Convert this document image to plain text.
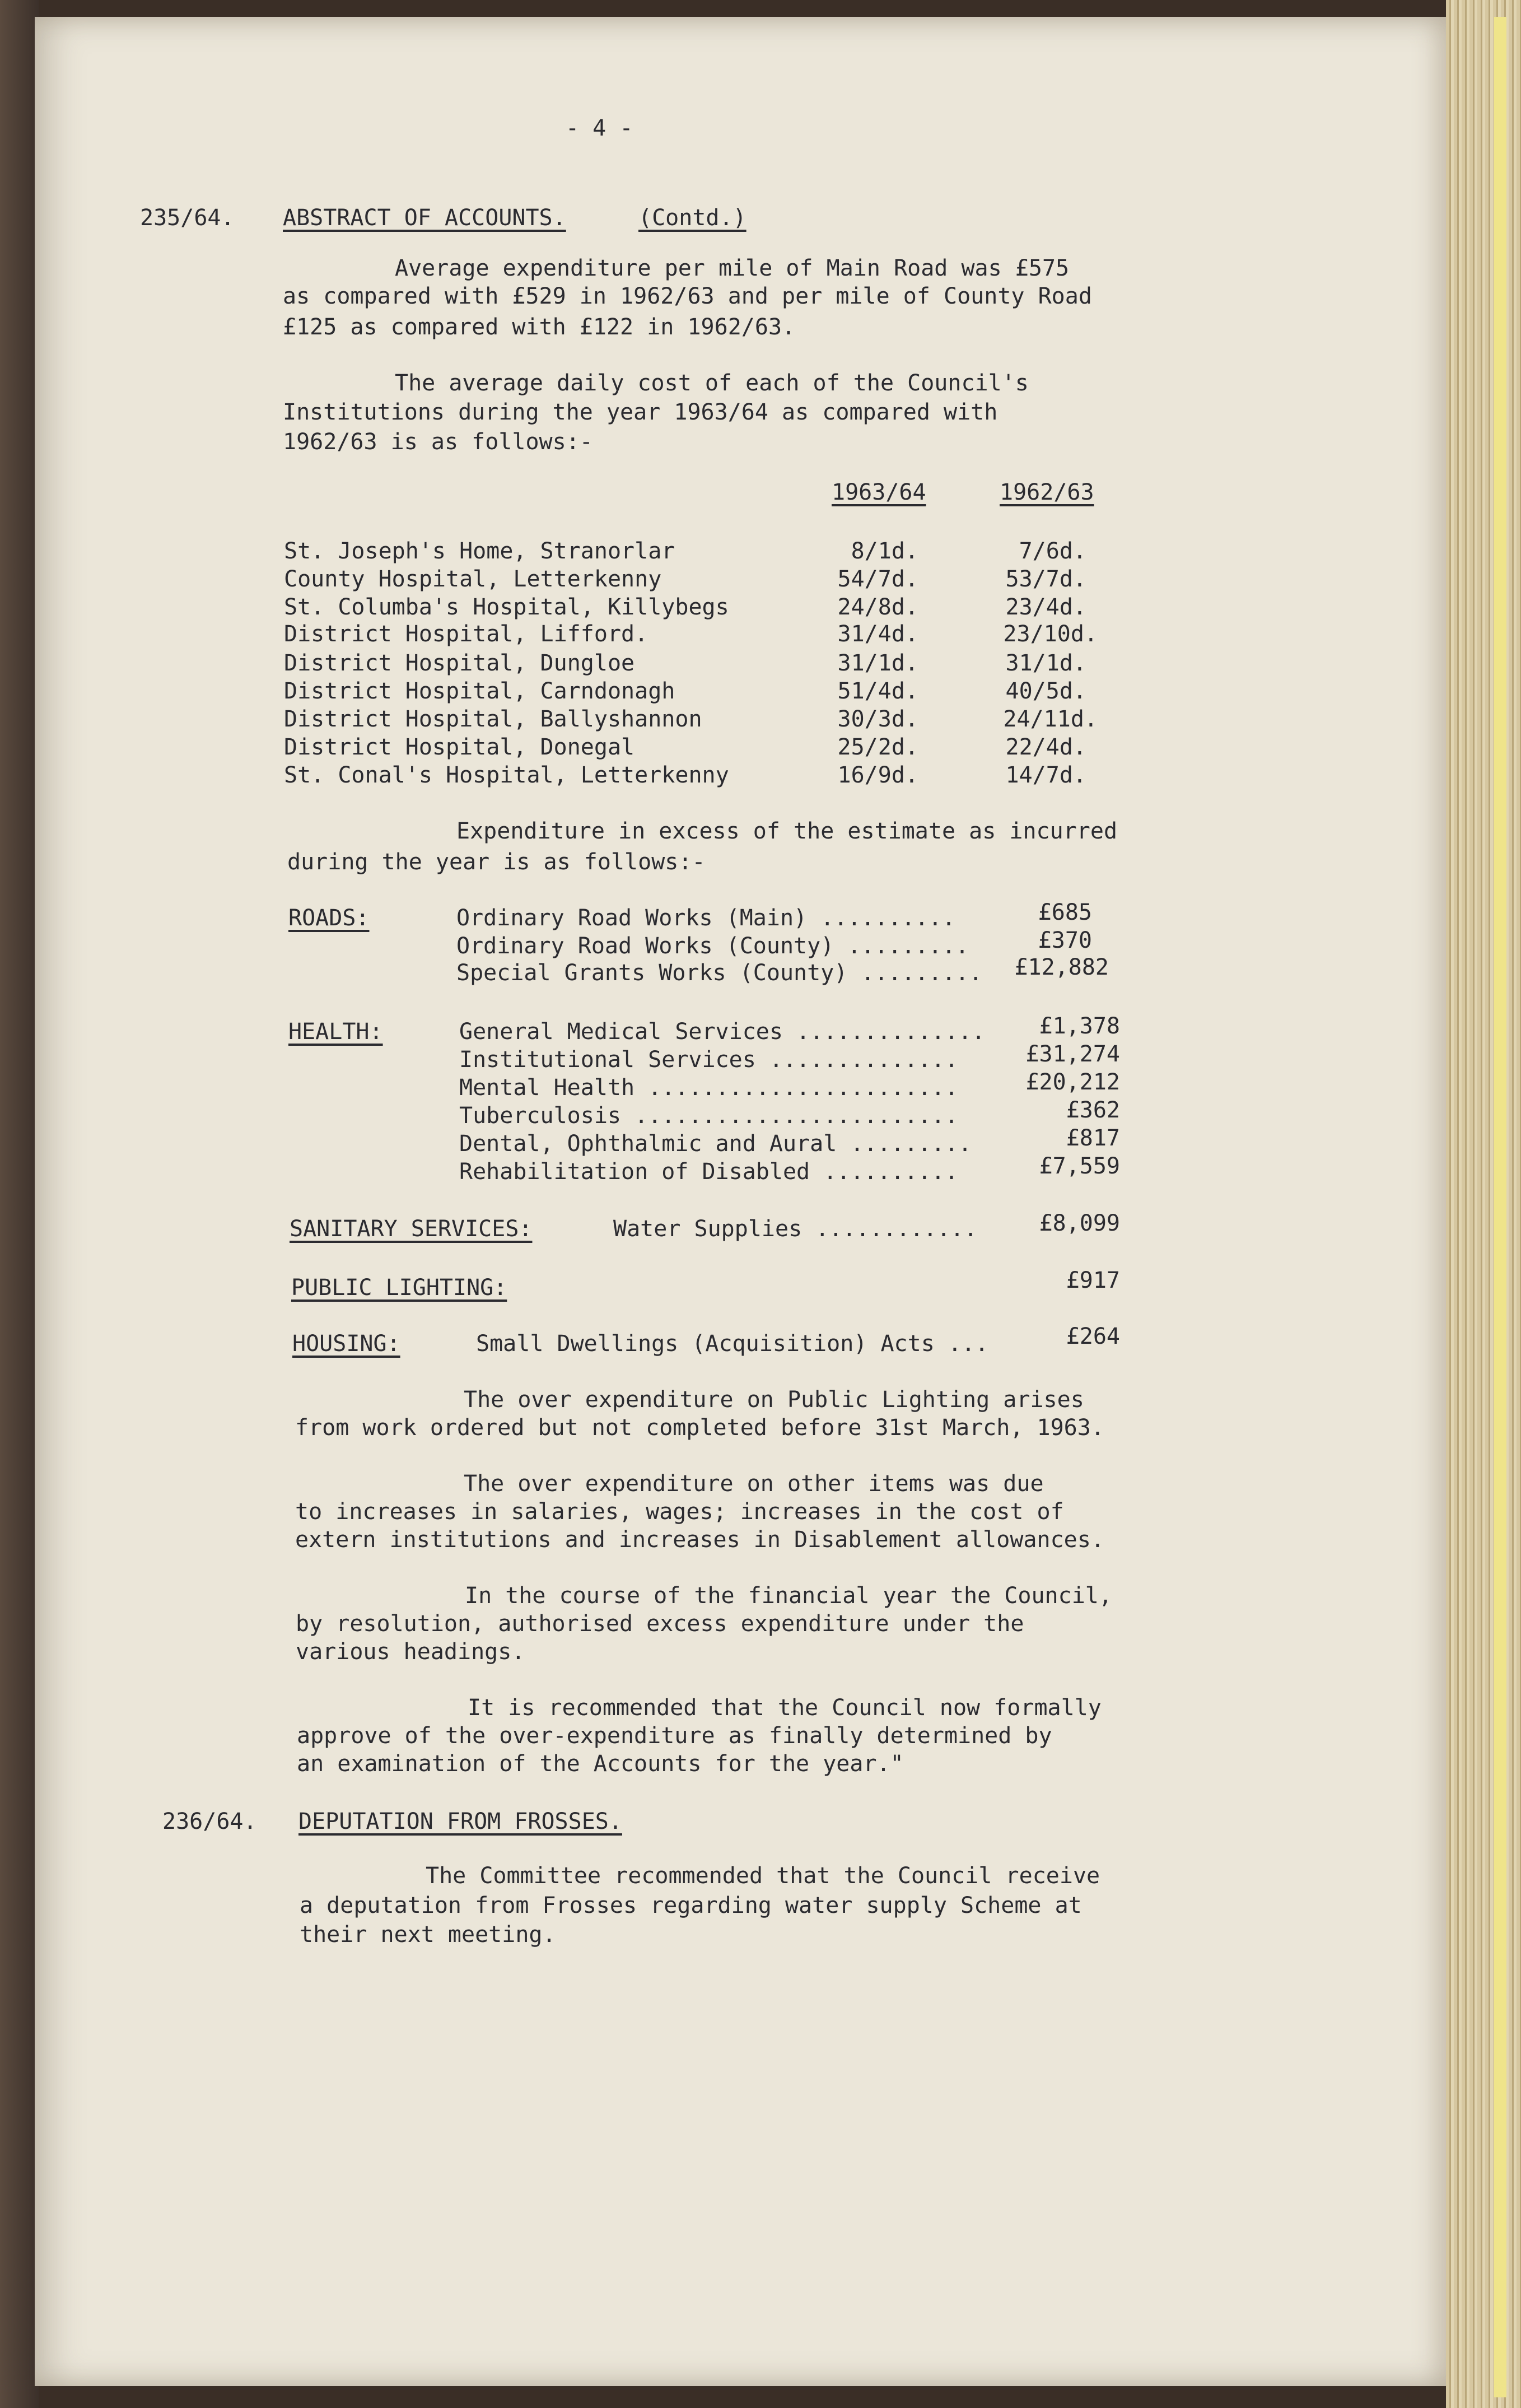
- 4 -
235/64. ABSTRACT OF ACCOUNTS.	(Contd.)
Average expenditure per mile of Main Road was £575
as compared with £529 in 1962/63 and per mile of County Road
£125 as compared with £122 in 1962/63.
The average daily cost of each of the Council's
Institutions during the year 1963/64 as compared with
1962/63 is as follows:-
1963/64	1962/63
St. Joseph's Home, Stranorlar	8/1d.	7/6d.
County Hospital, Letterkenny	54/7d.	53/7d.
St. Columba's Hospital, Killybegs	24/8d.	23/4d.
District Hospital, Lifford.	31/4d.	23/10d.
District Hospital, Dungloe	31/1d.	31/1d.
District Hospital, Carndonagh	51/4d.	40/5d.
District Hospital, Ballyshannon	30/3d.	24/11d.
District Hospital, Donegal	25/2d.	22/4d.
St. Conal's Hospital, Letterkenny	16/9d.	14/7d.
Expenditure in excess of the estimate as incurred
during the year is as follows:-
ROADS:	Ordinary Road Works (Main) ..........	£685
Ordinary Road Works (County) .........	£370
Special Grants Works (County) .........	£12,882
HEALTH:	General Medical Services ..............	£1,378
Institutional Services ..............	£31,274
Mental Health .......................	£20,212
Tuberculosis ........................	£362
Dental, Ophthalmic and Aural .........	£817
Rehabilitation of Disabled ..........	£7,559
SANITARY SERVICES:	Water Supplies ............	£8,099
PUBLIC LIGHTING:	£917
HOUSING:	Small Dwellings (Acquisition) Acts ...	£264
The over expenditure on Public Lighting arises
from work ordered but not completed before 31st March, 1963.
The over expenditure on other items was due
to increases in salaries, wages; increases in the cost of
extern institutions and increases in Disablement allowances.
In the course of the financial year the Council,
by resolution, authorised excess expenditure under the
various headings.
It is recommended that the Council now formally
approve of the over-expenditure as finally determined by
an examination of the Accounts for the year."
236/64. DEPUTATION FROM FROSSES.
The Committee recommended that the Council receive
a deputation from Frosses regarding water supply Scheme at
their next meeting.
